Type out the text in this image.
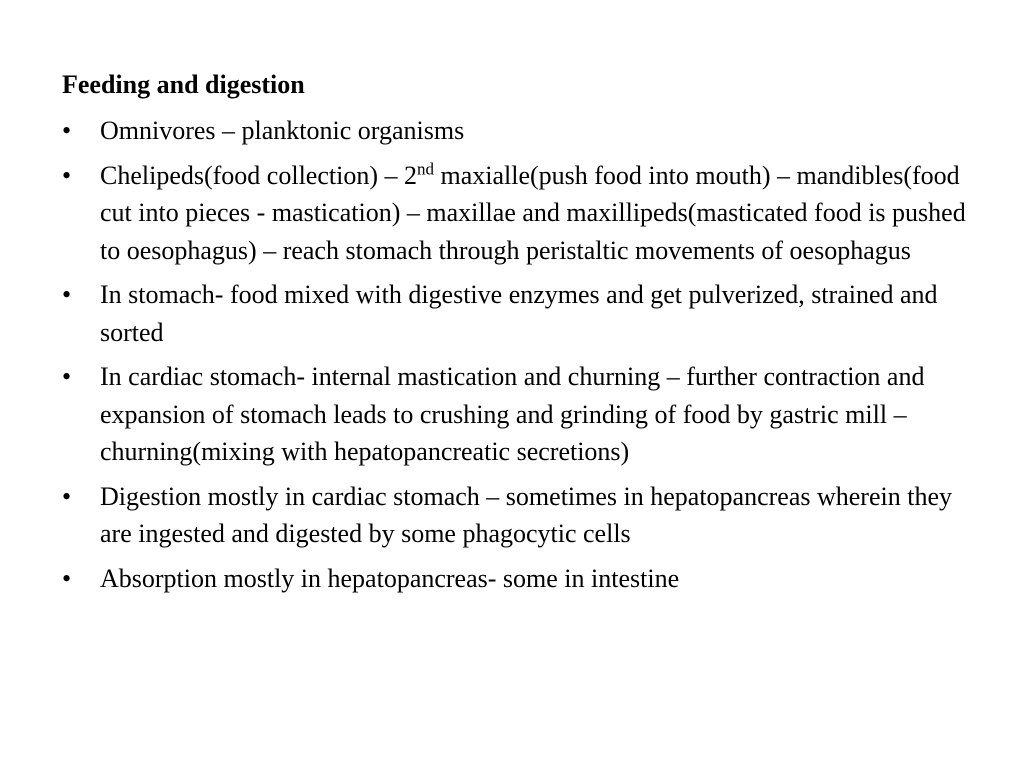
Feeding and digestion
•	Omnivores – planktonic organisms
•	Chelipeds(food collection) – 2nd maxialle(push food into mouth) – mandibles(food cut into pieces - mastication) – maxillae and maxillipeds(masticated food is pushed to oesophagus) – reach stomach through peristaltic movements of oesophagus
•	In stomach- food mixed with digestive enzymes and get pulverized, strained and sorted
•	In cardiac stomach- internal mastication and churning – further contraction and expansion of stomach leads to crushing and grinding of food by gastric mill – churning(mixing with hepatopancreatic secretions)
•	Digestion mostly in cardiac stomach – sometimes in hepatopancreas wherein they are ingested and digested by some phagocytic cells
•	Absorption mostly in hepatopancreas- some in intestine
